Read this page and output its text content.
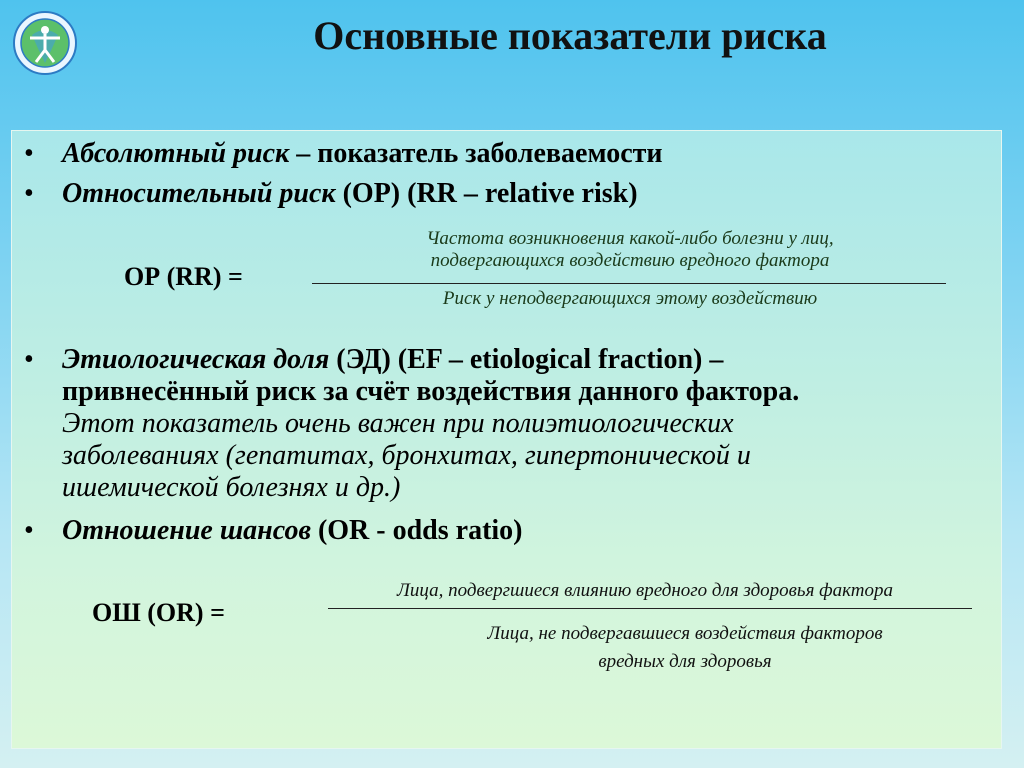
Основные показатели риска
• Абсолютный риск – показатель заболеваемости
• Относительный риск (ОР) (RR – relative risk)
ОР (RR) =
Частота возникновения какой-либо болезни у лиц,
подвергающихся воздействию вредного фактора
Риск у неподвергающихся этому воздействию
• Этиологическая доля (ЭД) (EF – etiological fraction) –
привнесённый риск за счёт воздействия данного фактора.
Этот показатель очень важен при полиэтиологических
заболеваниях (гепатитах, бронхитах, гипертонической и
ишемической болезнях и др.)
• Отношение шансов (OR - odds ratio)
ОШ (OR) =
Лица, подвергшиеся влиянию вредного для здоровья фактора
Лица, не подвергавшиеся воздействия факторов
вредных для здоровья
